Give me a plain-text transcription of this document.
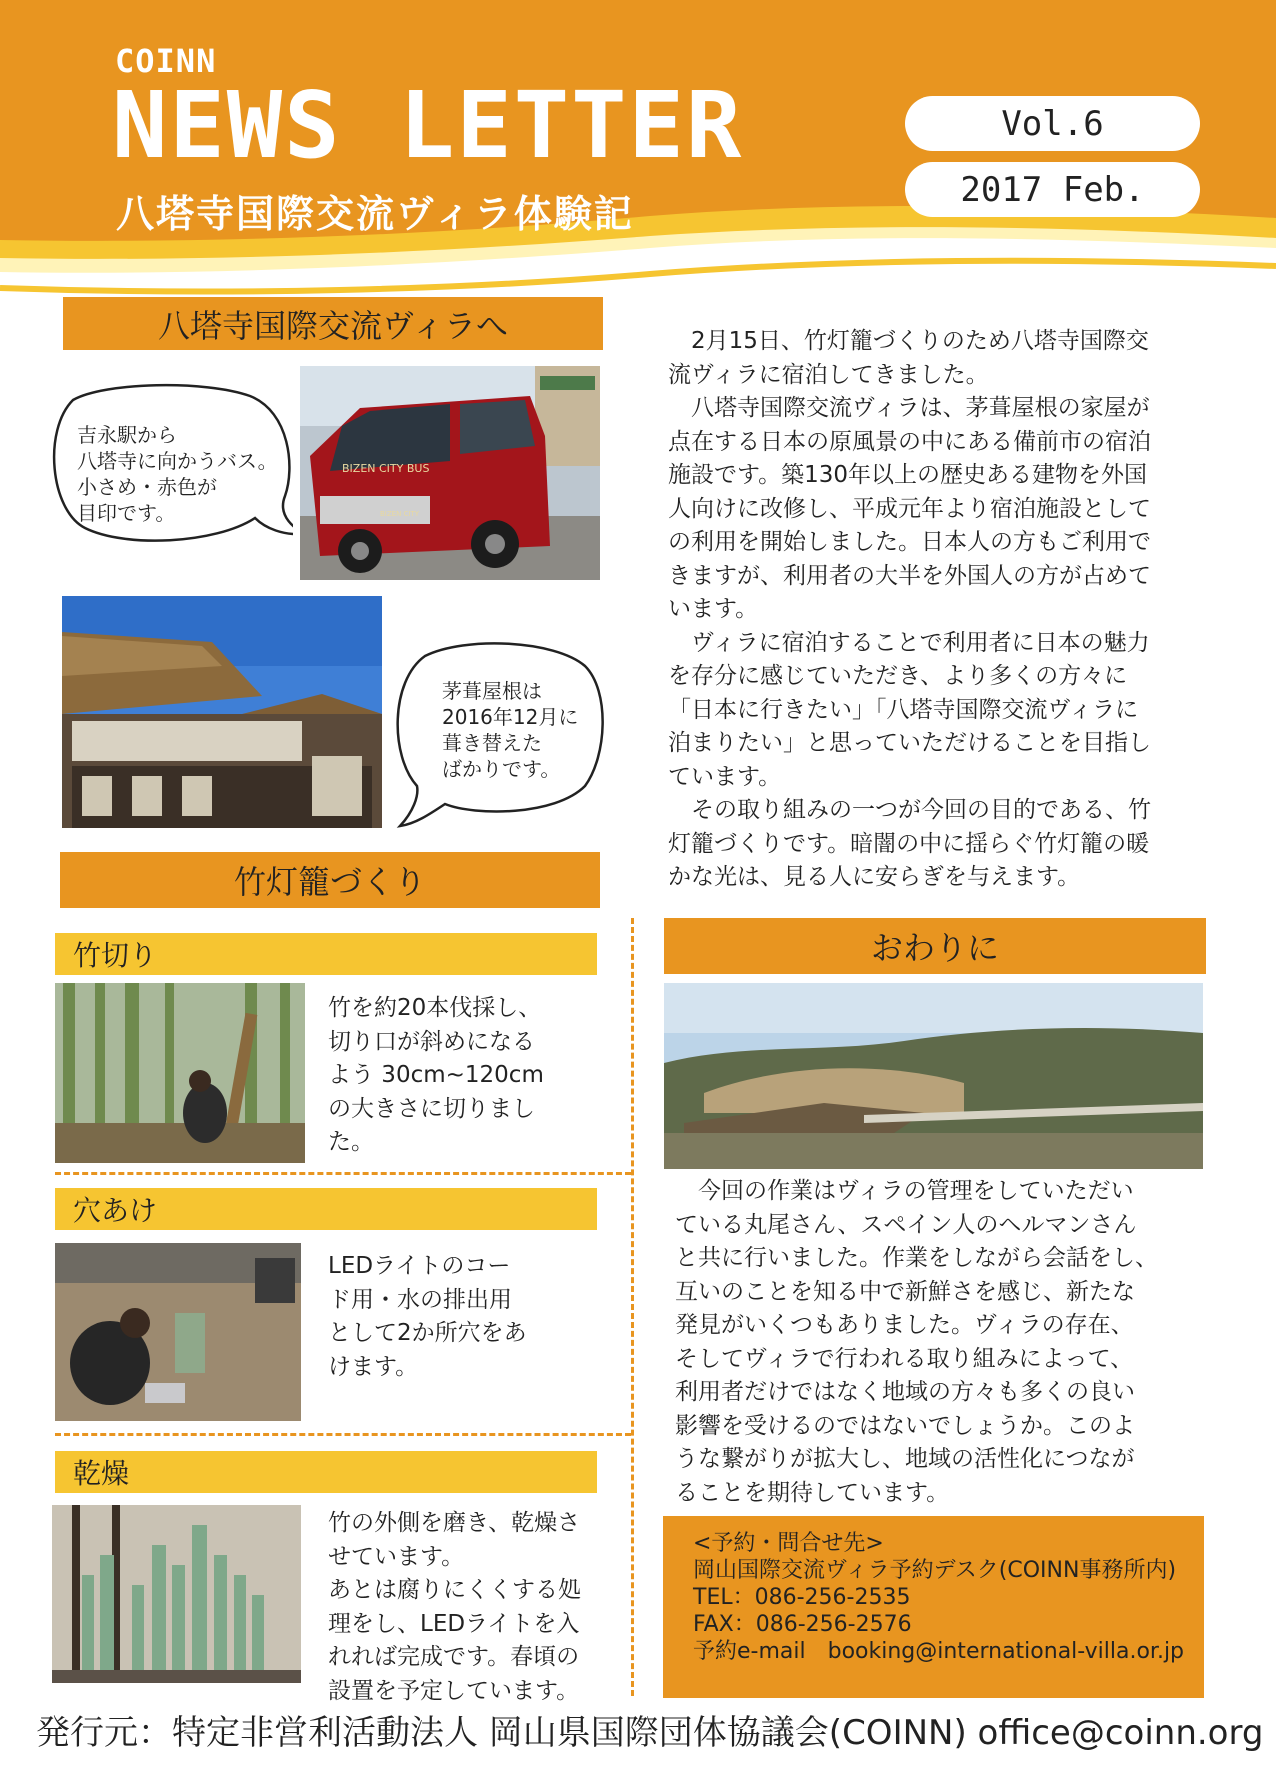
COINN
NEWS LETTER
八塔寺国際交流ヴィラ体験記
Vol.6
2017 Feb.
八塔寺国際交流ヴィラへ
吉永駅から
八塔寺に向かうバス。
小さめ・赤色が
目印です。
BIZEN CITY BUS
BIZEN CITY
茅葺屋根は
2016年12月に
葺き替えた
ばかりです。
　2月15日、竹灯籠づくりのため八塔寺国際交
流ヴィラに宿泊してきました。
　八塔寺国際交流ヴィラは、茅葺屋根の家屋が
点在する日本の原風景の中にある備前市の宿泊
施設です。築130年以上の歴史ある建物を外国
人向けに改修し、平成元年より宿泊施設として
の利用を開始しました。日本人の方もご利用で
きますが、利用者の大半を外国人の方が占めて
います。
　ヴィラに宿泊することで利用者に日本の魅力
を存分に感じていただき、より多くの方々に
「日本に行きたい」「八塔寺国際交流ヴィラに
泊まりたい」と思っていただけることを目指し
ています。
　その取り組みの一つが今回の目的である、竹
灯籠づくりです。暗闇の中に揺らぐ竹灯籠の暖
かな光は、見る人に安らぎを与えます。
竹灯籠づくり
竹切り
竹を約20本伐採し、
切り口が斜めになる
よう 30cm~120cm
の大きさに切りまし
た。
穴あけ
LEDライトのコー
ド用・水の排出用
として2か所穴をあ
けます。
乾燥
竹の外側を磨き、乾燥さ
せています。
あとは腐りにくくする処
理をし、LEDライトを入
れれば完成です。春頃の
設置を予定しています。
おわりに
　今回の作業はヴィラの管理をしていただい
ている丸尾さん、スペイン人のヘルマンさん
と共に行いました。作業をしながら会話をし、
互いのことを知る中で新鮮さを感じ、新たな
発見がいくつもありました。ヴィラの存在、
そしてヴィラで行われる取り組みによって、
利用者だけではなく地域の方々も多くの良い
影響を受けるのではないでしょうか。このよ
うな繋がりが拡大し、地域の活性化につなが
ることを期待しています。
<予約・問合せ先>
岡山国際交流ヴィラ予約デスク(COINN事務所内)
TEL：086-256-2535
FAX：086-256-2576
予約e-mail　booking@international-villa.or.jp
発行元：特定非営利活動法人 岡山県国際団体協議会(COINN) office@coinn.org
